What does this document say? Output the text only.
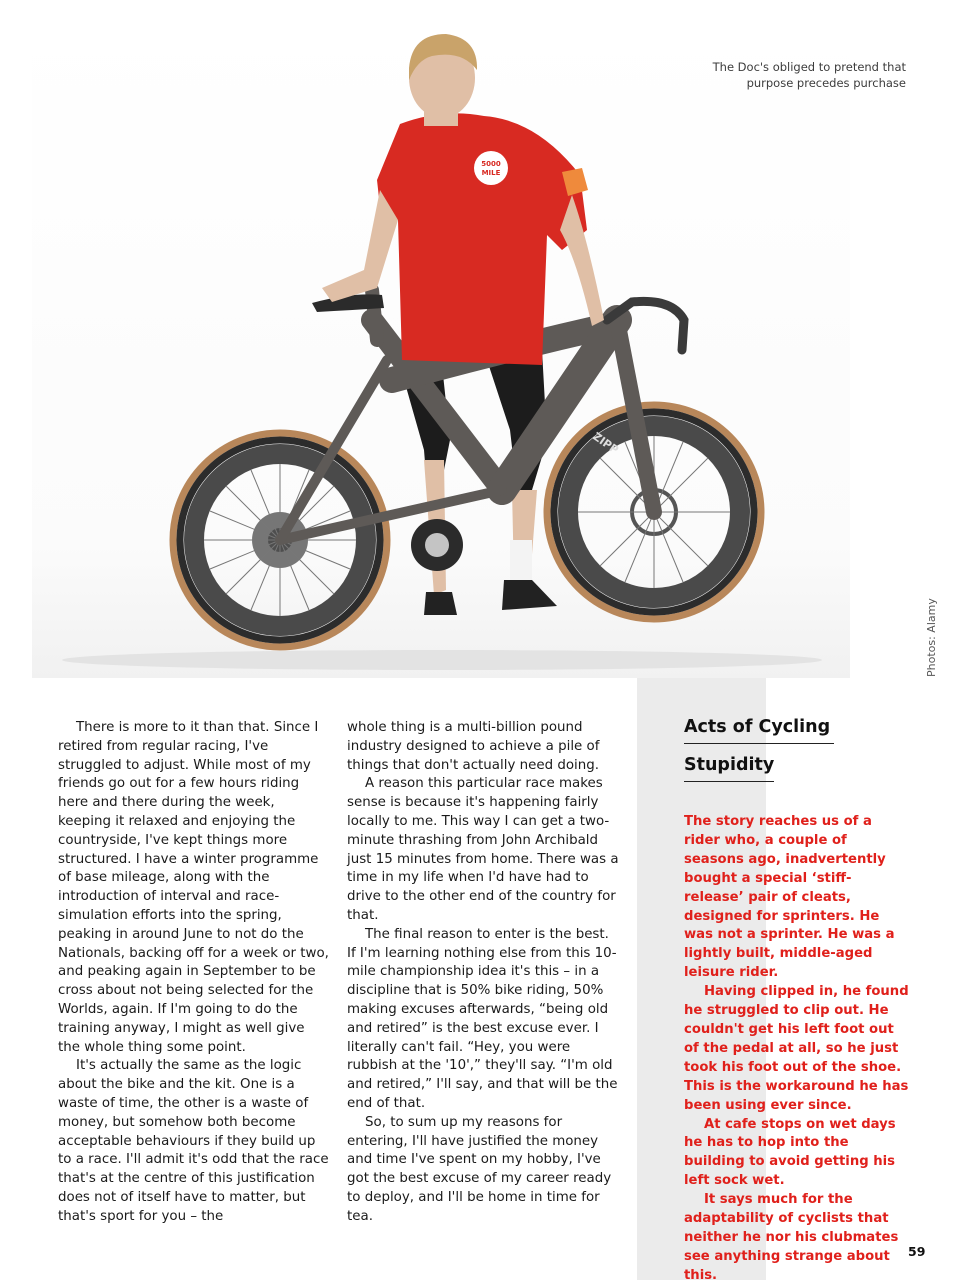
ZIPP
5000
MILE

The Doc's obliged to pretend that purpose precedes purchase

Photos: Alamy

There is more to it than that. Since I retired from regular racing, I've struggled to adjust. While most of my friends go out for a few hours riding here and there during the week, keeping it relaxed and enjoying the countryside, I've kept things more structured. I have a winter programme of base mileage, along with the introduction of interval and race-simulation efforts into the spring, peaking in around June to not do the Nationals, backing off for a week or two, and peaking again in September to be cross about not being selected for the Worlds, again. If I'm going to do the training anyway, I might as well give the whole thing some point.

It's actually the same as the logic about the bike and the kit. One is a waste of time, the other is a waste of money, but somehow both become acceptable behaviours if they build up to a race. I'll admit it's odd that the race that's at the centre of this justification does not of itself have to matter, but that's sport for you – the

whole thing is a multi-billion pound industry designed to achieve a pile of things that don't actually need doing.

A reason this particular race makes sense is because it's happening fairly locally to me. This way I can get a two-minute thrashing from John Archibald just 15 minutes from home. There was a time in my life when I'd have had to drive to the other end of the country for that.

The final reason to enter is the best. If I'm learning nothing else from this 10-mile championship idea it's this – in a discipline that is 50% bike riding, 50% making excuses afterwards, “being old and retired” is the best excuse ever. I literally can't fail. “Hey, you were rubbish at the '10',” they'll say. “I'm old and retired,” I'll say, and that will be the end of that.

So, to sum up my reasons for entering, I'll have justified the money and time I've spent on my hobby, I've got the best excuse of my career ready to deploy, and I'll be home in time for tea.

Acts of Cycling
Stupidity

The story reaches us of a rider who, a couple of seasons ago, inadvertently bought a special ‘stiff-release’ pair of cleats, designed for sprinters. He was not a sprinter. He was a lightly built, middle-aged leisure rider.

Having clipped in, he found he struggled to clip out. He couldn't get his left foot out of the pedal at all, so he just took his foot out of the shoe. This is the workaround he has been using ever since.

At cafe stops on wet days he has to hop into the building to avoid getting his left sock wet.

It says much for the adaptability of cyclists that neither he nor his clubmates see anything strange about this.

59
